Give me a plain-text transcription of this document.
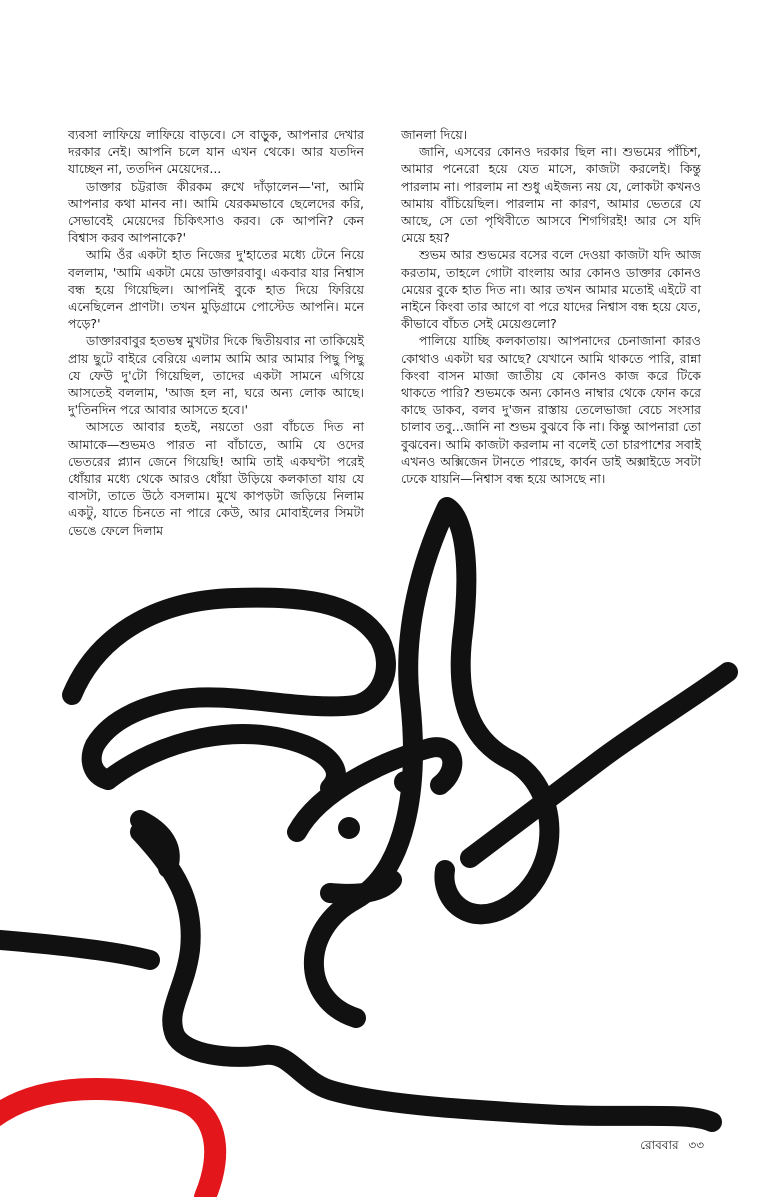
ব্যবসা লাফিয়ে লাফিয়ে বাড়বে। সে বাড়ুক, আপনার দেখার দরকার নেই। আপনি চলে যান এখন থেকে। আর যতদিন যাচ্ছেন না, ততদিন মেয়েদের...

ডাক্তার চট্টরাজ কীরকম রুখে দাঁড়ালেন—'না, আমি আপনার কথা মানব না। আমি যেরকমভাবে ছেলেদের করি, সেভাবেই মেয়েদের চিকিৎসাও করব। কে আপনি? কেন বিশ্বাস করব আপনাকে?'

আমি ওঁর একটা হাত নিজের দু'হাতের মধ্যে টেনে নিয়ে বললাম, 'আমি একটা মেয়ে ডাক্তারবাবু। একবার যার নিশ্বাস বন্ধ হয়ে গিয়েছিল। আপনিই বুকে হাত দিয়ে ফিরিয়ে এনেছিলেন প্রাণটা। তখন মুড়িগ্রামে পোস্টেড আপনি। মনে পড়ে?'

ডাক্তারবাবুর হতভম্ব মুখটার দিকে দ্বিতীয়বার না তাকিয়েই প্রায় ছুটে বাইরে বেরিয়ে এলাম আমি আর আমার পিছু পিছু যে ফেউ দু'টো গিয়েছিল, তাদের একটা সামনে এগিয়ে আসতেই বললাম, 'আজ হল না, ঘরে অন্য লোক আছে। দু'তিনদিন পরে আবার আসতে হবে।'

আসতে আবার হতই, নয়তো ওরা বাঁচতে দিত না আমাকে—শুভমও পারত না বাঁচাতে, আমি যে ওদের ভেতরের প্ল্যান জেনে গিয়েছি! আমি তাই একঘণ্টা পরেই ধোঁয়ার মধ্যে থেকে আরও ধোঁয়া উড়িয়ে কলকাতা যায় যে বাসটা, তাতে উঠে বসলাম। মুখে কাপড়টা জড়িয়ে নিলাম একটু, যাতে চিনতে না পারে কেউ, আর মোবাইলের সিমটা ভেঙে ফেলে দিলাম

জানলা দিয়ে।

জানি, এসবের কোনও দরকার ছিল না। শুভমের পাঁচিশ, আমার পনেরো হয়ে যেত মাসে, কাজটা করলেই। কিন্তু পারলাম না। পারলাম না শুধু এইজন্য নয় যে, লোকটা কখনও আমায় বাঁচিয়েছিল। পারলাম না কারণ, আমার ভেতরে যে আছে, সে তো পৃথিবীতে আসবে শিগগিরই! আর সে যদি মেয়ে হয়?

শুভম আর শুভমের বসের বলে দেওয়া কাজটা যদি আজ করতাম, তাহলে গোটা বাংলায় আর কোনও ডাক্তার কোনও মেয়ের বুকে হাত দিত না। আর তখন আমার মতোই এইটে বা নাইনে কিংবা তার আগে বা পরে যাদের নিশ্বাস বন্ধ হয়ে যেত, কীভাবে বাঁচত সেই মেয়েগুলো?

পালিয়ে যাচ্ছি কলকাতায়। আপনাদের চেনাজানা কারও কোথাও একটা ঘর আছে? যেখানে আমি থাকতে পারি, রান্না কিংবা বাসন মাজা জাতীয় যে কোনও কাজ করে টিকে থাকতে পারি? শুভমকে অন্য কোনও নাম্বার থেকে ফোন করে কাছে ডাকব, বলব দু'জন রাস্তায় তেলেভাজা বেচে সংসার চালাব তবু...জানি না শুভম বুঝবে কি না। কিন্তু আপনারা তো বুঝবেন। আমি কাজটা করলাম না বলেই তো চারপাশের সবাই এখনও অক্সিজেন টানতে পারছে, কার্বন ডাই অক্সাইডে সবটা ঢেকে যায়নি—নিশ্বাস বন্ধ হয়ে আসছে না।

রোববার ৩৩
